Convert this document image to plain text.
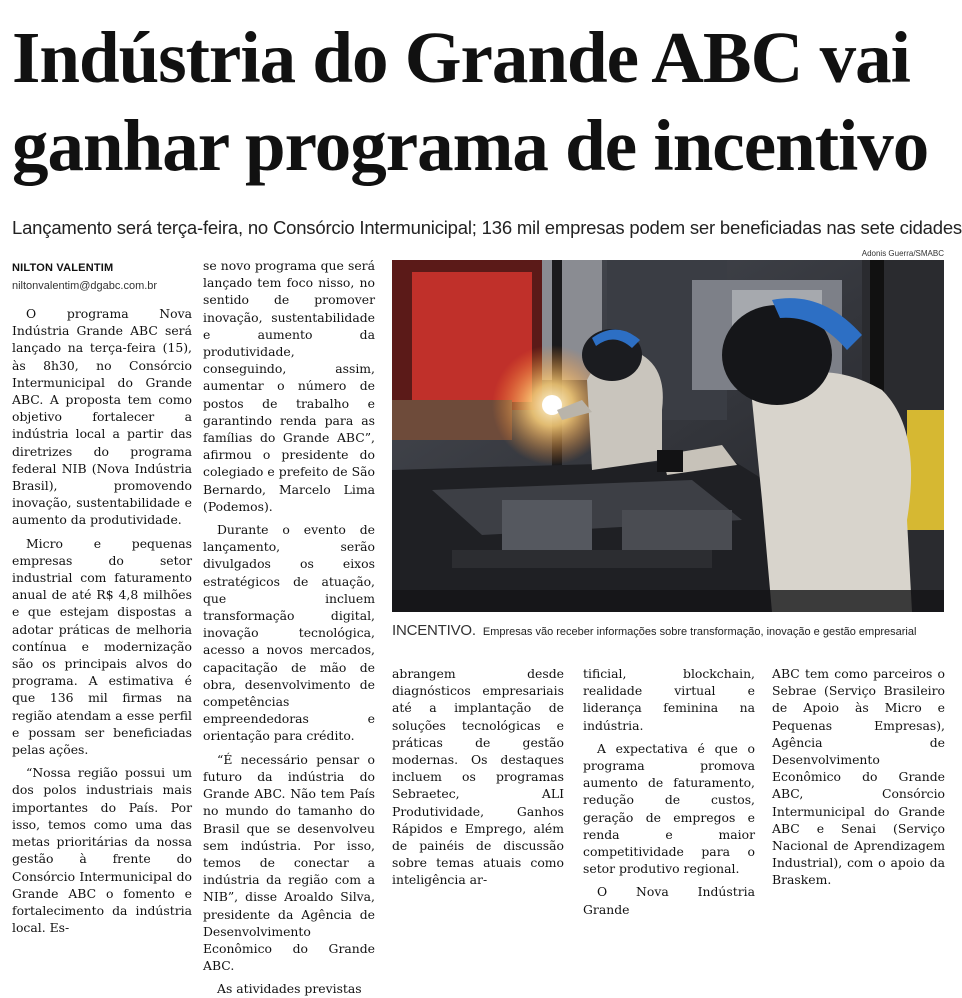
Indústria do Grande ABC vai ganhar programa de incentivo
Lançamento será terça-feira, no Consórcio Intermunicipal; 136 mil empresas podem ser beneficiadas nas sete cidades
NILTON VALENTIM
niltonvalentim@dgabc.com.br

O programa Nova Indústria Grande ABC será lançado na terça-feira (15), às 8h30, no Consórcio Intermunicipal do Grande ABC. A proposta tem como objetivo fortalecer a indústria local a partir das diretrizes do programa federal NIB (Nova Indústria Brasil), promovendo inovação, sustentabilidade e aumento da produtividade.

Micro e pequenas empresas do setor industrial com faturamento anual de até R$ 4,8 milhões e que estejam dispostas a adotar práticas de melhoria contínua e modernização são os principais alvos do programa. A estimativa é que 136 mil firmas na região atendam a esse perfil e possam ser beneficiadas pelas ações.

“Nossa região possui um dos polos industriais mais importantes do País. Por isso, temos como uma das metas prioritárias da nossa gestão à frente do Consórcio Intermunicipal do Grande ABC o fomento e fortalecimento da indústria local. Es-

se novo programa que será lançado tem foco nisso, no sentido de promover inovação, sustentabilidade e aumento da produtividade, conseguindo, assim, aumentar o número de postos de trabalho e garantindo renda para as famílias do Grande ABC”, afirmou o presidente do colegiado e prefeito de São Bernardo, Marcelo Lima (Podemos).

Durante o evento de lançamento, serão divulgados os eixos estratégicos de atuação, que incluem transformação digital, inovação tecnológica, acesso a novos mercados, capacitação de mão de obra, desenvolvimento de competências empreendedoras e orientação para crédito.

“É necessário pensar o futuro da indústria do Grande ABC. Não tem País no mundo do tamanho do Brasil que se desenvolveu sem indústria. Por isso, temos de conectar a indústria da região com a NIB”, disse Aroaldo Silva, presidente da Agência de Desenvolvimento Econômico do Grande ABC.

As atividades previstas

Adonis Guerra/SMABC
INCENTIVO. Empresas vão receber informações sobre transformação, inovação e gestão empresarial

abrangem desde diagnósticos empresariais até a implantação de soluções tecnológicas e práticas de gestão modernas. Os destaques incluem os programas Sebraetec, ALI Produtividade, Ganhos Rápidos e Emprego, além de painéis de discussão sobre temas atuais como inteligência ar-

tificial, blockchain, realidade virtual e liderança feminina na indústria.

A expectativa é que o programa promova aumento de faturamento, redução de custos, geração de empregos e renda e maior competitividade para o setor produtivo regional.

O Nova Indústria Grande

ABC tem como parceiros o Sebrae (Serviço Brasileiro de Apoio às Micro e Pequenas Empresas), Agência de Desenvolvimento Econômico do Grande ABC, Consórcio Intermunicipal do Grande ABC e Senai (Serviço Nacional de Aprendizagem Industrial), com o apoio da Braskem.
